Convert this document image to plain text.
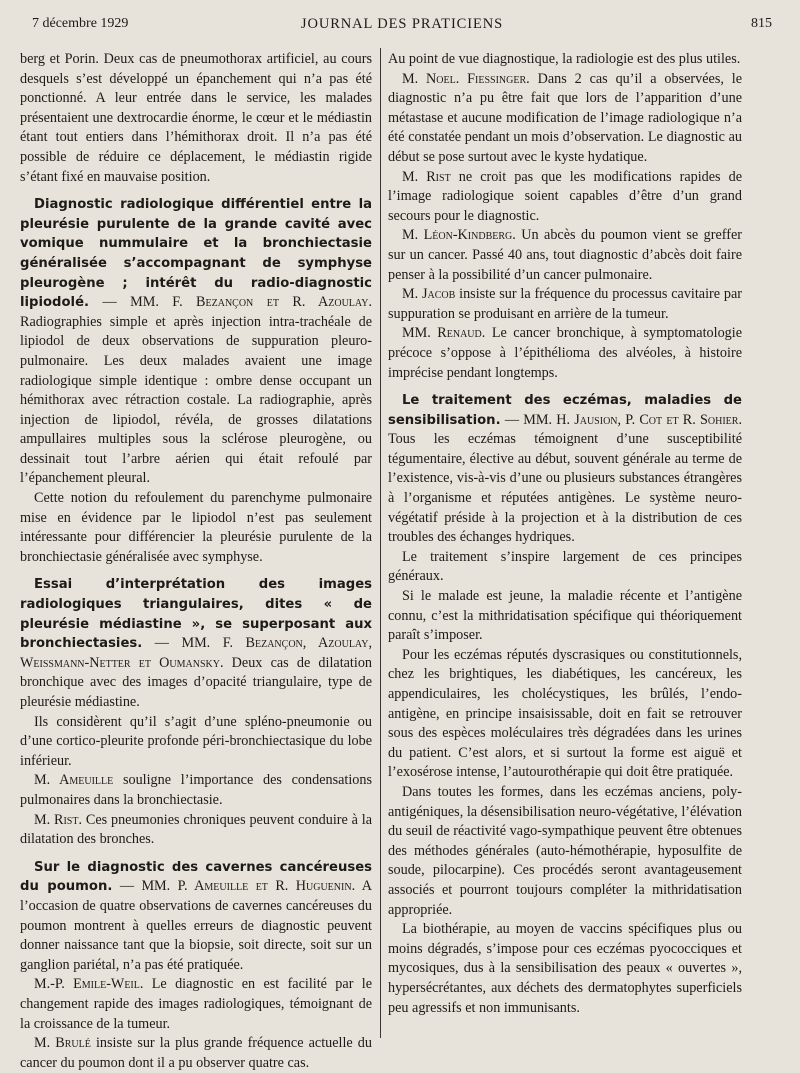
7 décembre 1929	JOURNAL DES PRATICIENS	815

berg et Porin. Deux cas de pneumothorax artificiel, au cours desquels s’est développé un épanchement qui n’a pas été ponctionné. A leur entrée dans le service, les malades présentaient une dextrocardie énorme, le cœur et le médiastin étant tout entiers dans l’hémithorax droit. Il n’a pas été possible de réduire ce déplacement, le médiastin rigide s’étant fixé en mauvaise position.

Diagnostic radiologique différentiel entre la pleurésie purulente de la grande cavité avec vomique nummulaire et la bronchiectasie généralisée s’accompagnant de symphyse pleurogène ; intérêt du radio-diagnostic lipiodolé. — MM. F. Bezançon et R. Azoulay. Radiographies simple et après injection intra-trachéale de lipiodol de deux observations de suppuration pleuro-pulmonaire. Les deux malades avaient une image radiologique simple identique : ombre dense occupant un hémithorax avec rétraction costale. La radiographie, après injection de lipiodol, révéla, de grosses dilatations ampullaires multiples sous la sclérose pleurogène, ou dessinait tout l’arbre aérien qui était refoulé par l’épanchement pleural.

Cette notion du refoulement du parenchyme pulmonaire mise en évidence par le lipiodol n’est pas seulement intéressante pour différencier la pleurésie purulente de la bronchiectasie généralisée avec symphyse.

Essai d’interprétation des images radiologiques triangulaires, dites « de pleurésie médiastine », se superposant aux bronchiectasies. — MM. F. Bezançon, Azoulay, Weissmann-Netter et Oumansky. Deux cas de dilatation bronchique avec des images d’opacité triangulaire, type de pleurésie médiastine.

Ils considèrent qu’il s’agit d’une spléno-pneumonie ou d’une cortico-pleurite profonde péri-bronchiectasique du lobe inférieur.

M. Ameuille souligne l’importance des condensations pulmonaires dans la bronchiectasie.

M. Rist. Ces pneumonies chroniques peuvent conduire à la dilatation des bronches.

Sur le diagnostic des cavernes cancéreuses du poumon. — MM. P. Ameuille et R. Huguenin. A l’occasion de quatre observations de cavernes cancéreuses du poumon montrent à quelles erreurs de diagnostic peuvent donner naissance tant que la biopsie, soit directe, soit sur un ganglion pariétal, n’a pas été pratiquée.

M.-P. Emile-Weil. Le diagnostic en est facilité par le changement rapide des images radiologiques, témoignant de la croissance de la tumeur.

M. Brulé insiste sur la plus grande fréquence actuelle du cancer du poumon dont il a pu observer quatre cas.

Au point de vue diagnostique, la radiologie est des plus utiles.

M. Noel. Fiessinger. Dans 2 cas qu’il a observées, le diagnostic n’a pu être fait que lors de l’apparition d’une métastase et aucune modification de l’image radiologique n’a été constatée pendant un mois d’observation. Le diagnostic au début se pose surtout avec le kyste hydatique.

M. Rist ne croit pas que les modifications rapides de l’image radiologique soient capables d’être d’un grand secours pour le diagnostic.

M. Léon-Kindberg. Un abcès du poumon vient se greffer sur un cancer. Passé 40 ans, tout diagnostic d’abcès doit faire penser à la possibilité d’un cancer pulmonaire.

M. Jacob insiste sur la fréquence du processus cavitaire par suppuration se produisant en arrière de la tumeur.

MM. Renaud. Le cancer bronchique, à symptomatologie précoce s’oppose à l’épithélioma des alvéoles, à histoire imprécise pendant longtemps.

Le traitement des eczémas, maladies de sensibilisation. — MM. H. Jausion, P. Cot et R. Sohier. Tous les eczémas témoignent d’une susceptibilité tégumentaire, élective au début, souvent générale au terme de l’existence, vis-à-vis d’une ou plusieurs substances étrangères à l’organisme et réputées antigènes. Le système neuro-végétatif préside à la projection et à la distribution de ces troubles des échanges hydriques.

Le traitement s’inspire largement de ces principes généraux.

Si le malade est jeune, la maladie récente et l’antigène connu, c’est la mithridatisation spécifique qui théoriquement paraît s’imposer.

Pour les eczémas réputés dyscrasiques ou constitutionnels, chez les brightiques, les diabétiques, les cancéreux, les appendiculaires, les cholécystiques, les brûlés, l’endo-antigène, en principe insaisissable, doit en fait se retrouver sous des espèces moléculaires très dégradées dans les urines du patient. C’est alors, et si surtout la forme est aiguë et l’exosérose intense, l’autourothérapie qui doit être pratiquée.

Dans toutes les formes, dans les eczémas anciens, poly-antigéniques, la désensibilisation neuro-végétative, l’élévation du seuil de réactivité vago-sympathique peuvent être obtenues des méthodes générales (auto-hémothérapie, hyposulfite de soude, pilocarpine). Ces procédés seront avantageusement associés et pourront toujours compléter la mithridatisation appropriée.

La biothérapie, au moyen de vaccins spécifiques plus ou moins dégradés, s’impose pour ces eczémas pyococciques et mycosiques, dus à la sensibilisation des peaux « ouvertes », hypersécrétantes, aux déchets des dermatophytes superficiels peu agressifs et non immunisants.
